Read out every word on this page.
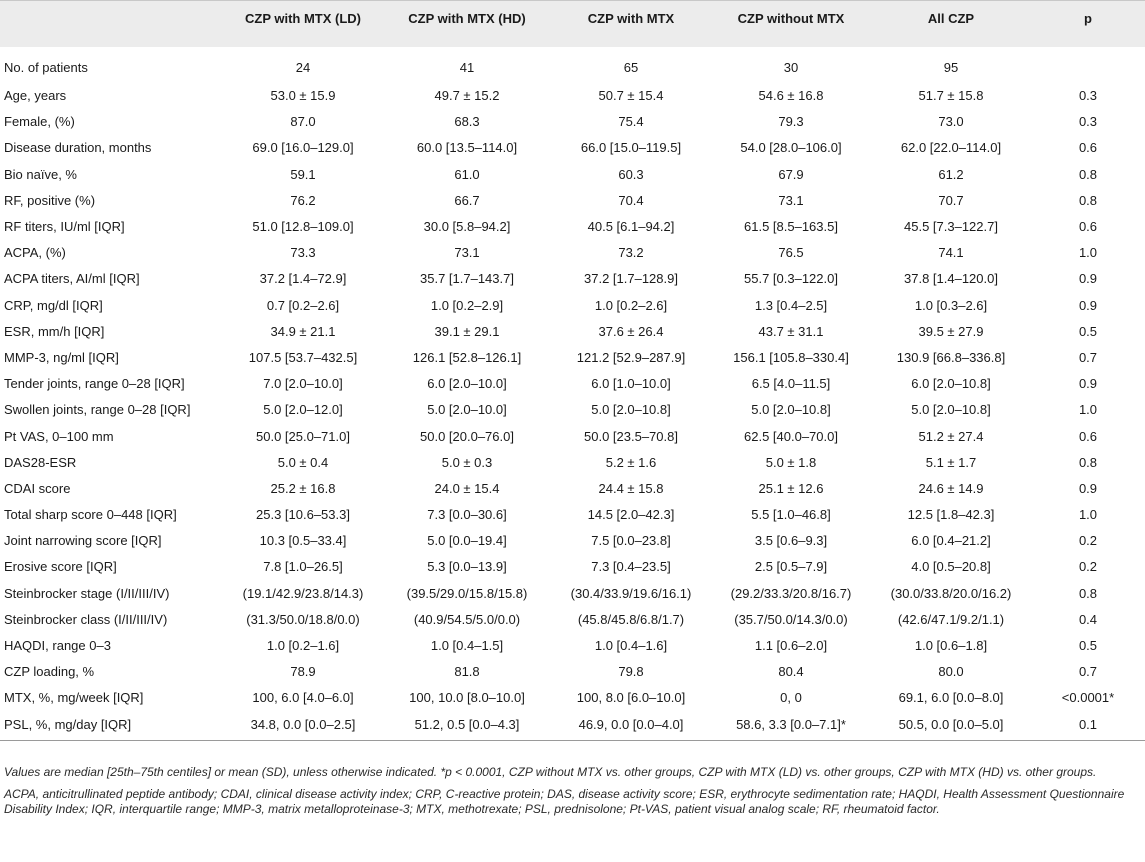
	CZP with MTX (LD)	CZP with MTX (HD)	CZP with MTX	CZP without MTX	All CZP	p
No. of patients	24	41	65	30	95	
Age, years	53.0 ± 15.9	49.7 ± 15.2	50.7 ± 15.4	54.6 ± 16.8	51.7 ± 15.8	0.3
Female, (%)	87.0	68.3	75.4	79.3	73.0	0.3
Disease duration, months	69.0 [16.0–129.0]	60.0 [13.5–114.0]	66.0 [15.0–119.5]	54.0 [28.0–106.0]	62.0 [22.0–114.0]	0.6
Bio naïve, %	59.1	61.0	60.3	67.9	61.2	0.8
RF, positive (%)	76.2	66.7	70.4	73.1	70.7	0.8
RF titers, IU/ml [IQR]	51.0 [12.8–109.0]	30.0 [5.8–94.2]	40.5 [6.1–94.2]	61.5 [8.5–163.5]	45.5 [7.3–122.7]	0.6
ACPA, (%)	73.3	73.1	73.2	76.5	74.1	1.0
ACPA titers, AI/ml [IQR]	37.2 [1.4–72.9]	35.7 [1.7–143.7]	37.2 [1.7–128.9]	55.7 [0.3–122.0]	37.8 [1.4–120.0]	0.9
CRP, mg/dl [IQR]	0.7 [0.2–2.6]	1.0 [0.2–2.9]	1.0 [0.2–2.6]	1.3 [0.4–2.5]	1.0 [0.3–2.6]	0.9
ESR, mm/h [IQR]	34.9 ± 21.1	39.1 ± 29.1	37.6 ± 26.4	43.7 ± 31.1	39.5 ± 27.9	0.5
MMP-3, ng/ml [IQR]	107.5 [53.7–432.5]	126.1 [52.8–126.1]	121.2 [52.9–287.9]	156.1 [105.8–330.4]	130.9 [66.8–336.8]	0.7
Tender joints, range 0–28 [IQR]	7.0 [2.0–10.0]	6.0 [2.0–10.0]	6.0 [1.0–10.0]	6.5 [4.0–11.5]	6.0 [2.0–10.8]	0.9
Swollen joints, range 0–28 [IQR]	5.0 [2.0–12.0]	5.0 [2.0–10.0]	5.0 [2.0–10.8]	5.0 [2.0–10.8]	5.0 [2.0–10.8]	1.0
Pt VAS, 0–100 mm	50.0 [25.0–71.0]	50.0 [20.0–76.0]	50.0 [23.5–70.8]	62.5 [40.0–70.0]	51.2 ± 27.4	0.6
DAS28-ESR	5.0 ± 0.4	5.0 ± 0.3	5.2 ± 1.6	5.0 ± 1.8	5.1 ± 1.7	0.8
CDAI score	25.2 ± 16.8	24.0 ± 15.4	24.4 ± 15.8	25.1 ± 12.6	24.6 ± 14.9	0.9
Total sharp score 0–448 [IQR]	25.3 [10.6–53.3]	7.3 [0.0–30.6]	14.5 [2.0–42.3]	5.5 [1.0–46.8]	12.5 [1.8–42.3]	1.0
Joint narrowing score [IQR]	10.3 [0.5–33.4]	5.0 [0.0–19.4]	7.5 [0.0–23.8]	3.5 [0.6–9.3]	6.0 [0.4–21.2]	0.2
Erosive score [IQR]	7.8 [1.0–26.5]	5.3 [0.0–13.9]	7.3 [0.4–23.5]	2.5 [0.5–7.9]	4.0 [0.5–20.8]	0.2
Steinbrocker stage (I/II/III/IV)	(19.1/42.9/23.8/14.3)	(39.5/29.0/15.8/15.8)	(30.4/33.9/19.6/16.1)	(29.2/33.3/20.8/16.7)	(30.0/33.8/20.0/16.2)	0.8
Steinbrocker class (I/II/III/IV)	(31.3/50.0/18.8/0.0)	(40.9/54.5/5.0/0.0)	(45.8/45.8/6.8/1.7)	(35.7/50.0/14.3/0.0)	(42.6/47.1/9.2/1.1)	0.4
HAQDI, range 0–3	1.0 [0.2–1.6]	1.0 [0.4–1.5]	1.0 [0.4–1.6]	1.1 [0.6–2.0]	1.0 [0.6–1.8]	0.5
CZP loading, %	78.9	81.8	79.8	80.4	80.0	0.7
MTX, %, mg/week [IQR]	100, 6.0 [4.0–6.0]	100, 10.0 [8.0–10.0]	100, 8.0 [6.0–10.0]	0, 0	69.1, 6.0 [0.0–8.0]	<0.0001*
PSL, %, mg/day [IQR]	34.8, 0.0 [0.0–2.5]	51.2, 0.5 [0.0–4.3]	46.9, 0.0 [0.0–4.0]	58.6, 3.3 [0.0–7.1]*	50.5, 0.0 [0.0–5.0]	0.1

Values are median [25th–75th centiles] or mean (SD), unless otherwise indicated. *p < 0.0001, CZP without MTX vs. other groups, CZP with MTX (LD) vs. other groups, CZP with MTX (HD) vs. other groups.

ACPA, anticitrullinated peptide antibody; CDAI, clinical disease activity index; CRP, C-reactive protein; DAS, disease activity score; ESR, erythrocyte sedimentation rate; HAQDI, Health Assessment Questionnaire Disability Index; IQR, interquartile range; MMP-3, matrix metalloproteinase-3; MTX, methotrexate; PSL, prednisolone; Pt-VAS, patient visual analog scale; RF, rheumatoid factor.
